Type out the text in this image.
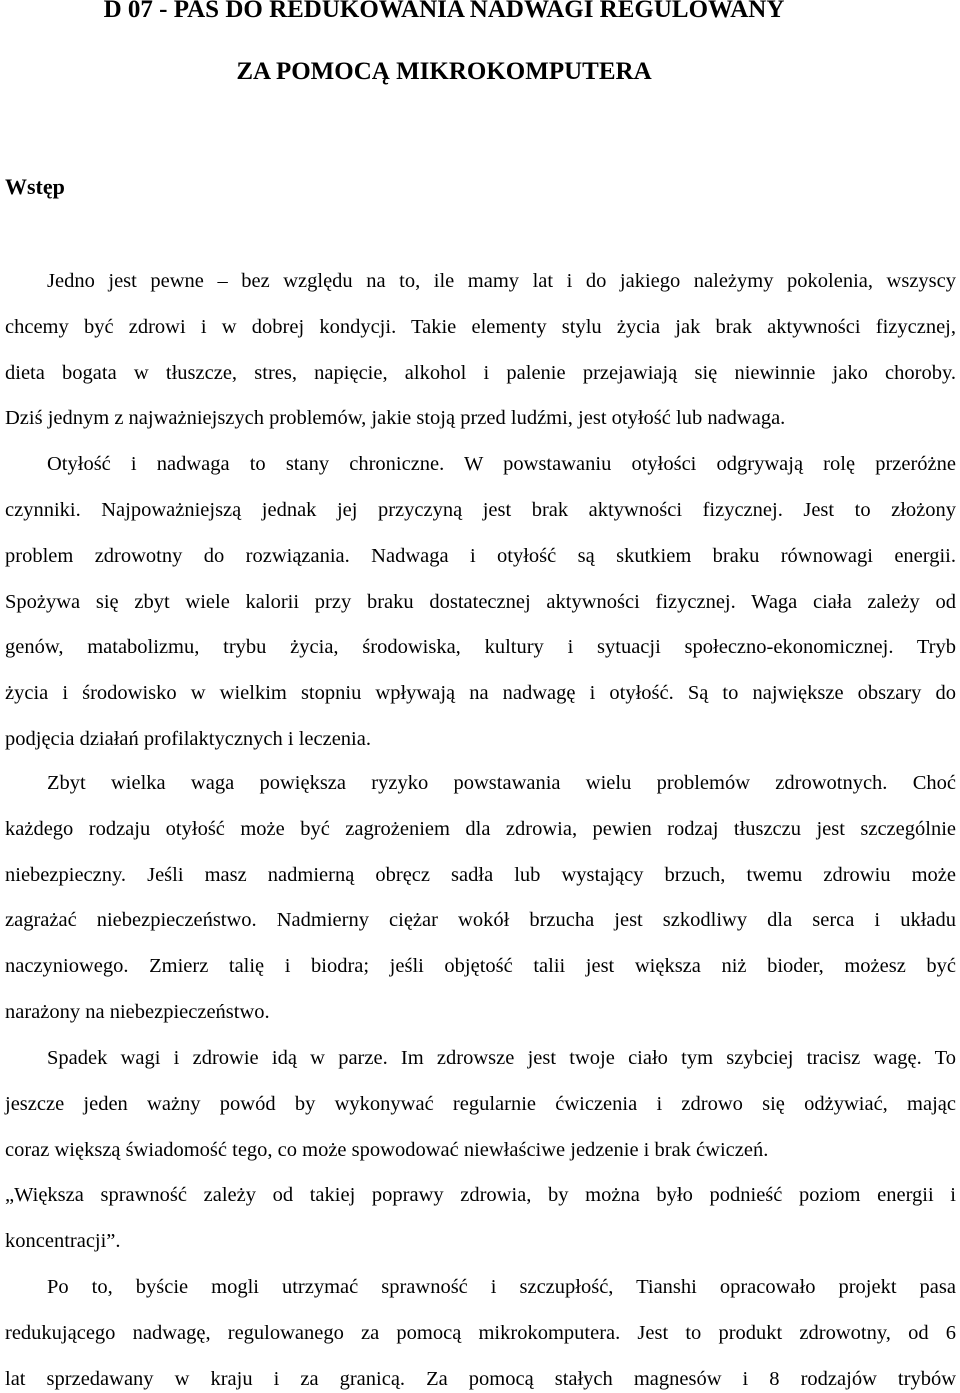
D 07 - PAS DO REDUKOWANIA NADWAGI REGULOWANY
ZA POMOCĄ MIKROKOMPUTERA
Wstęp
Jedno jest pewne – bez względu na to, ile mamy lat i do jakiego należymy pokolenia, wszyscy
chcemy być zdrowi i w dobrej kondycji. Takie elementy stylu życia jak brak aktywności fizycznej,
dieta bogata w tłuszcze, stres, napięcie, alkohol i palenie przejawiają się niewinnie jako choroby.
Dziś jednym z najważniejszych problemów, jakie stoją przed ludźmi, jest otyłość lub nadwaga.
Otyłość i nadwaga to stany chroniczne. W powstawaniu otyłości odgrywają rolę przeróżne
czynniki. Najpoważniejszą jednak jej przyczyną jest brak aktywności fizycznej. Jest to złożony
problem zdrowotny do rozwiązania. Nadwaga i otyłość są skutkiem braku równowagi energii.
Spożywa się zbyt wiele kalorii przy braku dostatecznej aktywności fizycznej. Waga ciała zależy od
genów, matabolizmu, trybu życia, środowiska, kultury i sytuacji społeczno-ekonomicznej. Tryb
życia i środowisko w wielkim stopniu wpływają na nadwagę i otyłość. Są to największe obszary do
podjęcia działań profilaktycznych i leczenia.
Zbyt wielka waga powiększa ryzyko powstawania wielu problemów zdrowotnych. Choć
każdego rodzaju otyłość może być zagrożeniem dla zdrowia, pewien rodzaj tłuszczu jest szczególnie
niebezpieczny. Jeśli masz nadmierną obręcz sadła lub wystający brzuch, twemu zdrowiu może
zagrażać niebezpieczeństwo. Nadmierny ciężar wokół brzucha jest szkodliwy dla serca i układu
naczyniowego. Zmierz talię i biodra; jeśli objętość talii jest większa niż bioder, możesz być
narażony na niebezpieczeństwo.
Spadek wagi i zdrowie idą w parze. Im zdrowsze jest twoje ciało tym szybciej tracisz wagę. To
jeszcze jeden ważny powód by wykonywać regularnie ćwiczenia i zdrowo się odżywiać, mając
coraz większą świadomość tego, co może spowodować niewłaściwe jedzenie i brak ćwiczeń.
„Większa sprawność zależy od takiej poprawy zdrowia, by można było podnieść poziom energii i
koncentracji”.
Po to, byście mogli utrzymać sprawność i szczupłość, Tianshi opracowało projekt pasa
redukującego nadwagę, regulowanego za pomocą mikrokomputera. Jest to produkt zdrowotny, od 6
lat sprzedawany w kraju i za granicą. Za pomocą stałych magnesów i 8 rodzajów trybów
